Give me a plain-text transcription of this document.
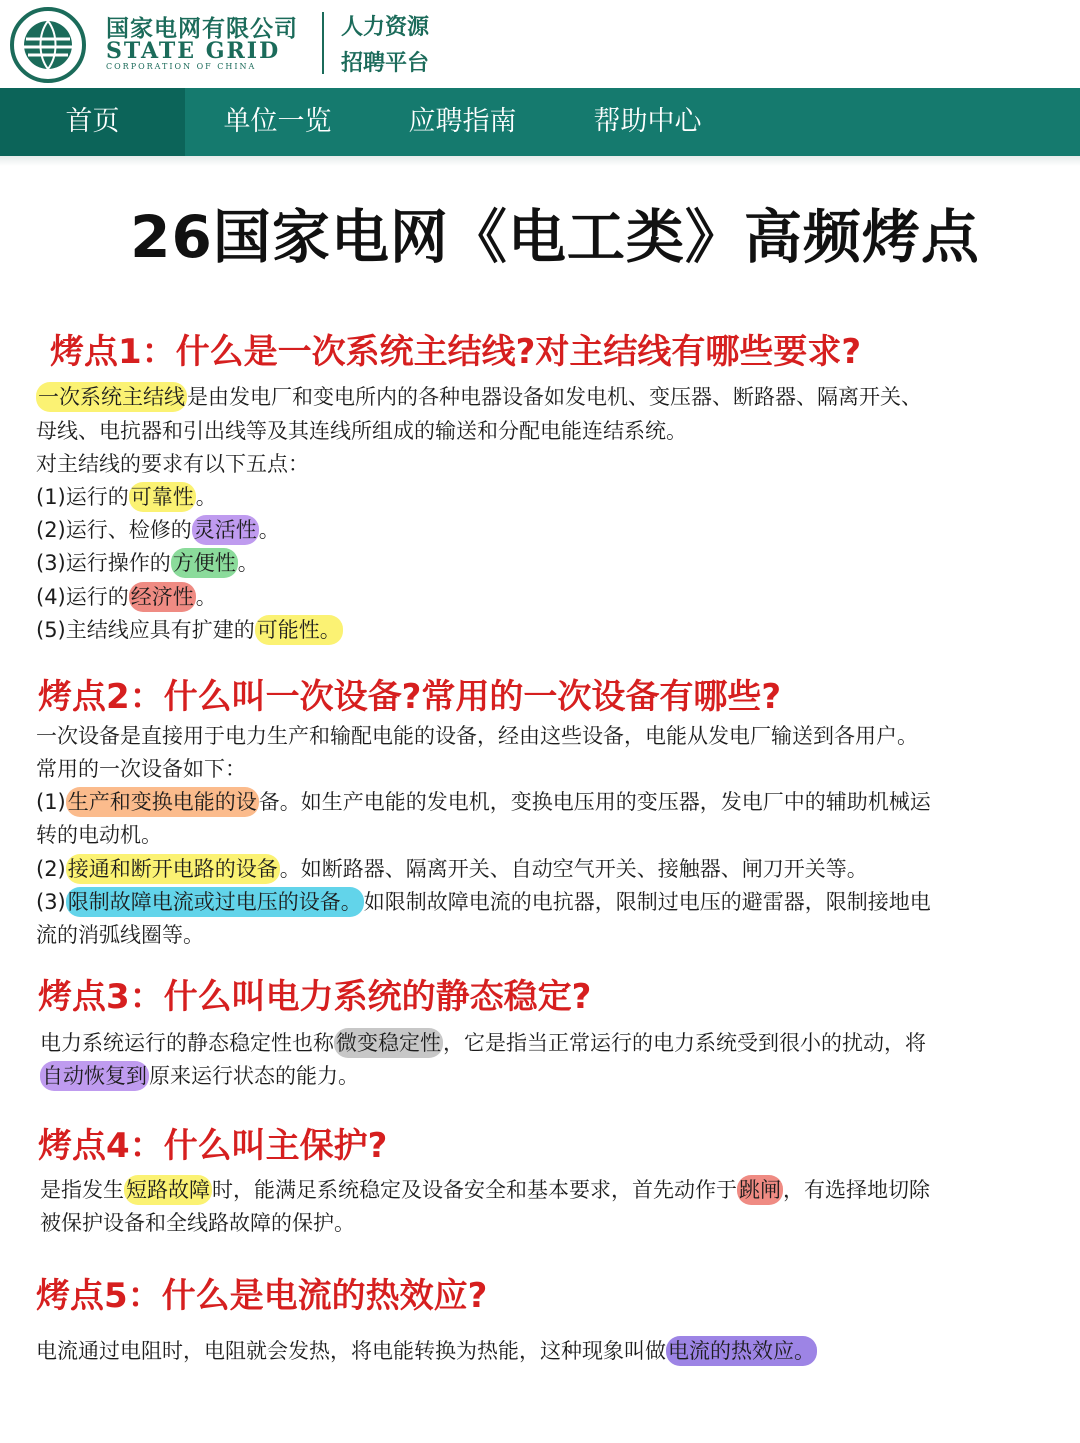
国家电网有限公司
STATE GRID
CORPORATION OF CHINA
人力资源
招聘平台
首页	单位一览	应聘指南	帮助中心
26国家电网《电工类》高频烤点
烤点1：什么是一次系统主结线?对主结线有哪些要求?
一次系统主结线是由发电厂和变电所内的各种电器设备如发电机、变压器、断路器、隔离开关、
母线、电抗器和引出线等及其连线所组成的输送和分配电能连结系统。
对主结线的要求有以下五点：
(1)运行的可靠性。
(2)运行、检修的灵活性。
(3)运行操作的方便性。
(4)运行的经济性。
(5)主结线应具有扩建的可能性。
烤点2：什么叫一次设备?常用的一次设备有哪些?
一次设备是直接用于电力生产和输配电能的设备，经由这些设备，电能从发电厂输送到各用户。
常用的一次设备如下：
(1)生产和变换电能的设备。如生产电能的发电机，变换电压用的变压器，发电厂中的辅助机械运
转的电动机。
(2)接通和断开电路的设备。如断路器、隔离开关、自动空气开关、接触器、闸刀开关等。
(3)限制故障电流或过电压的设备。如限制故障电流的电抗器，限制过电压的避雷器，限制接地电
流的消弧线圈等。
烤点3：什么叫电力系统的静态稳定?
电力系统运行的静态稳定性也称微变稳定性，它是指当正常运行的电力系统受到很小的扰动，将
自动恢复到原来运行状态的能力。
烤点4：什么叫主保护?
是指发生短路故障时，能满足系统稳定及设备安全和基本要求，首先动作于跳闸，有选择地切除
被保护设备和全线路故障的保护。
烤点5：什么是电流的热效应?
电流通过电阻时，电阻就会发热，将电能转换为热能，这种现象叫做电流的热效应。
